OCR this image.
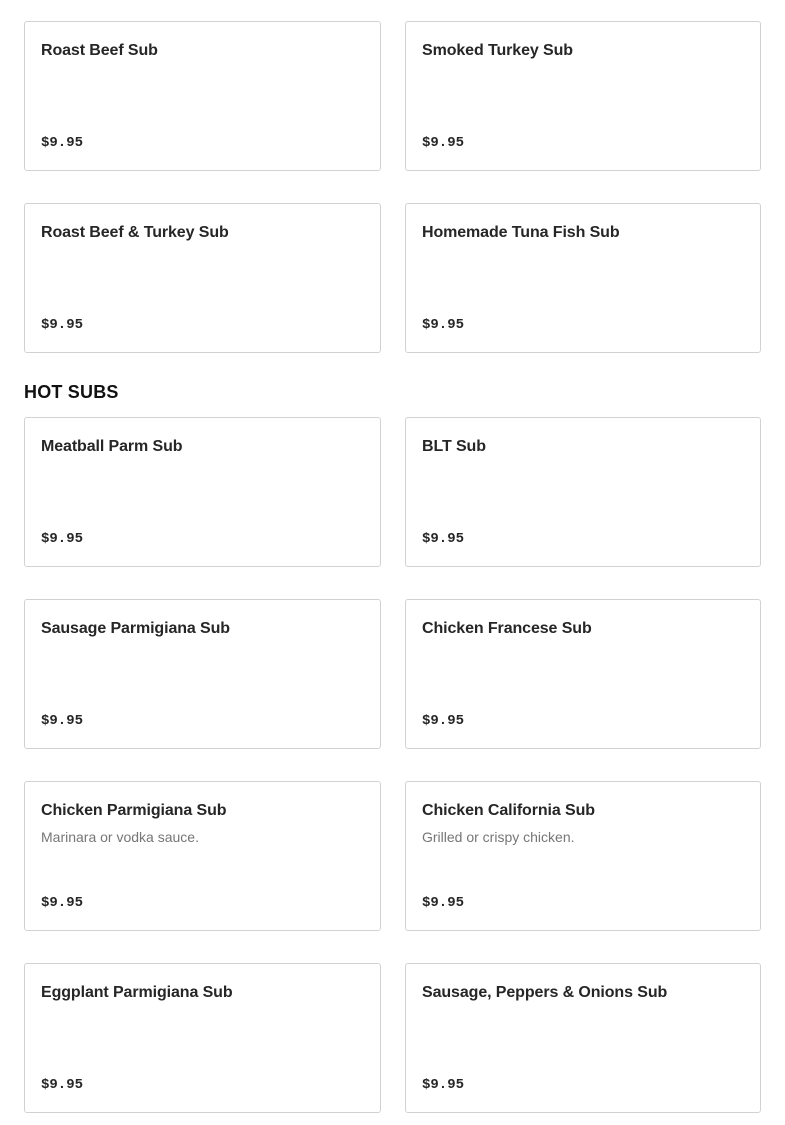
Roast Beef Sub
$9.95
Smoked Turkey Sub
$9.95
Roast Beef & Turkey Sub
$9.95
Homemade Tuna Fish Sub
$9.95
HOT SUBS
Meatball Parm Sub
$9.95
BLT Sub
$9.95
Sausage Parmigiana Sub
$9.95
Chicken Francese Sub
$9.95
Chicken Parmigiana Sub
Marinara or vodka sauce.
$9.95
Chicken California Sub
Grilled or crispy chicken.
$9.95
Eggplant Parmigiana Sub
$9.95
Sausage, Peppers & Onions Sub
$9.95
